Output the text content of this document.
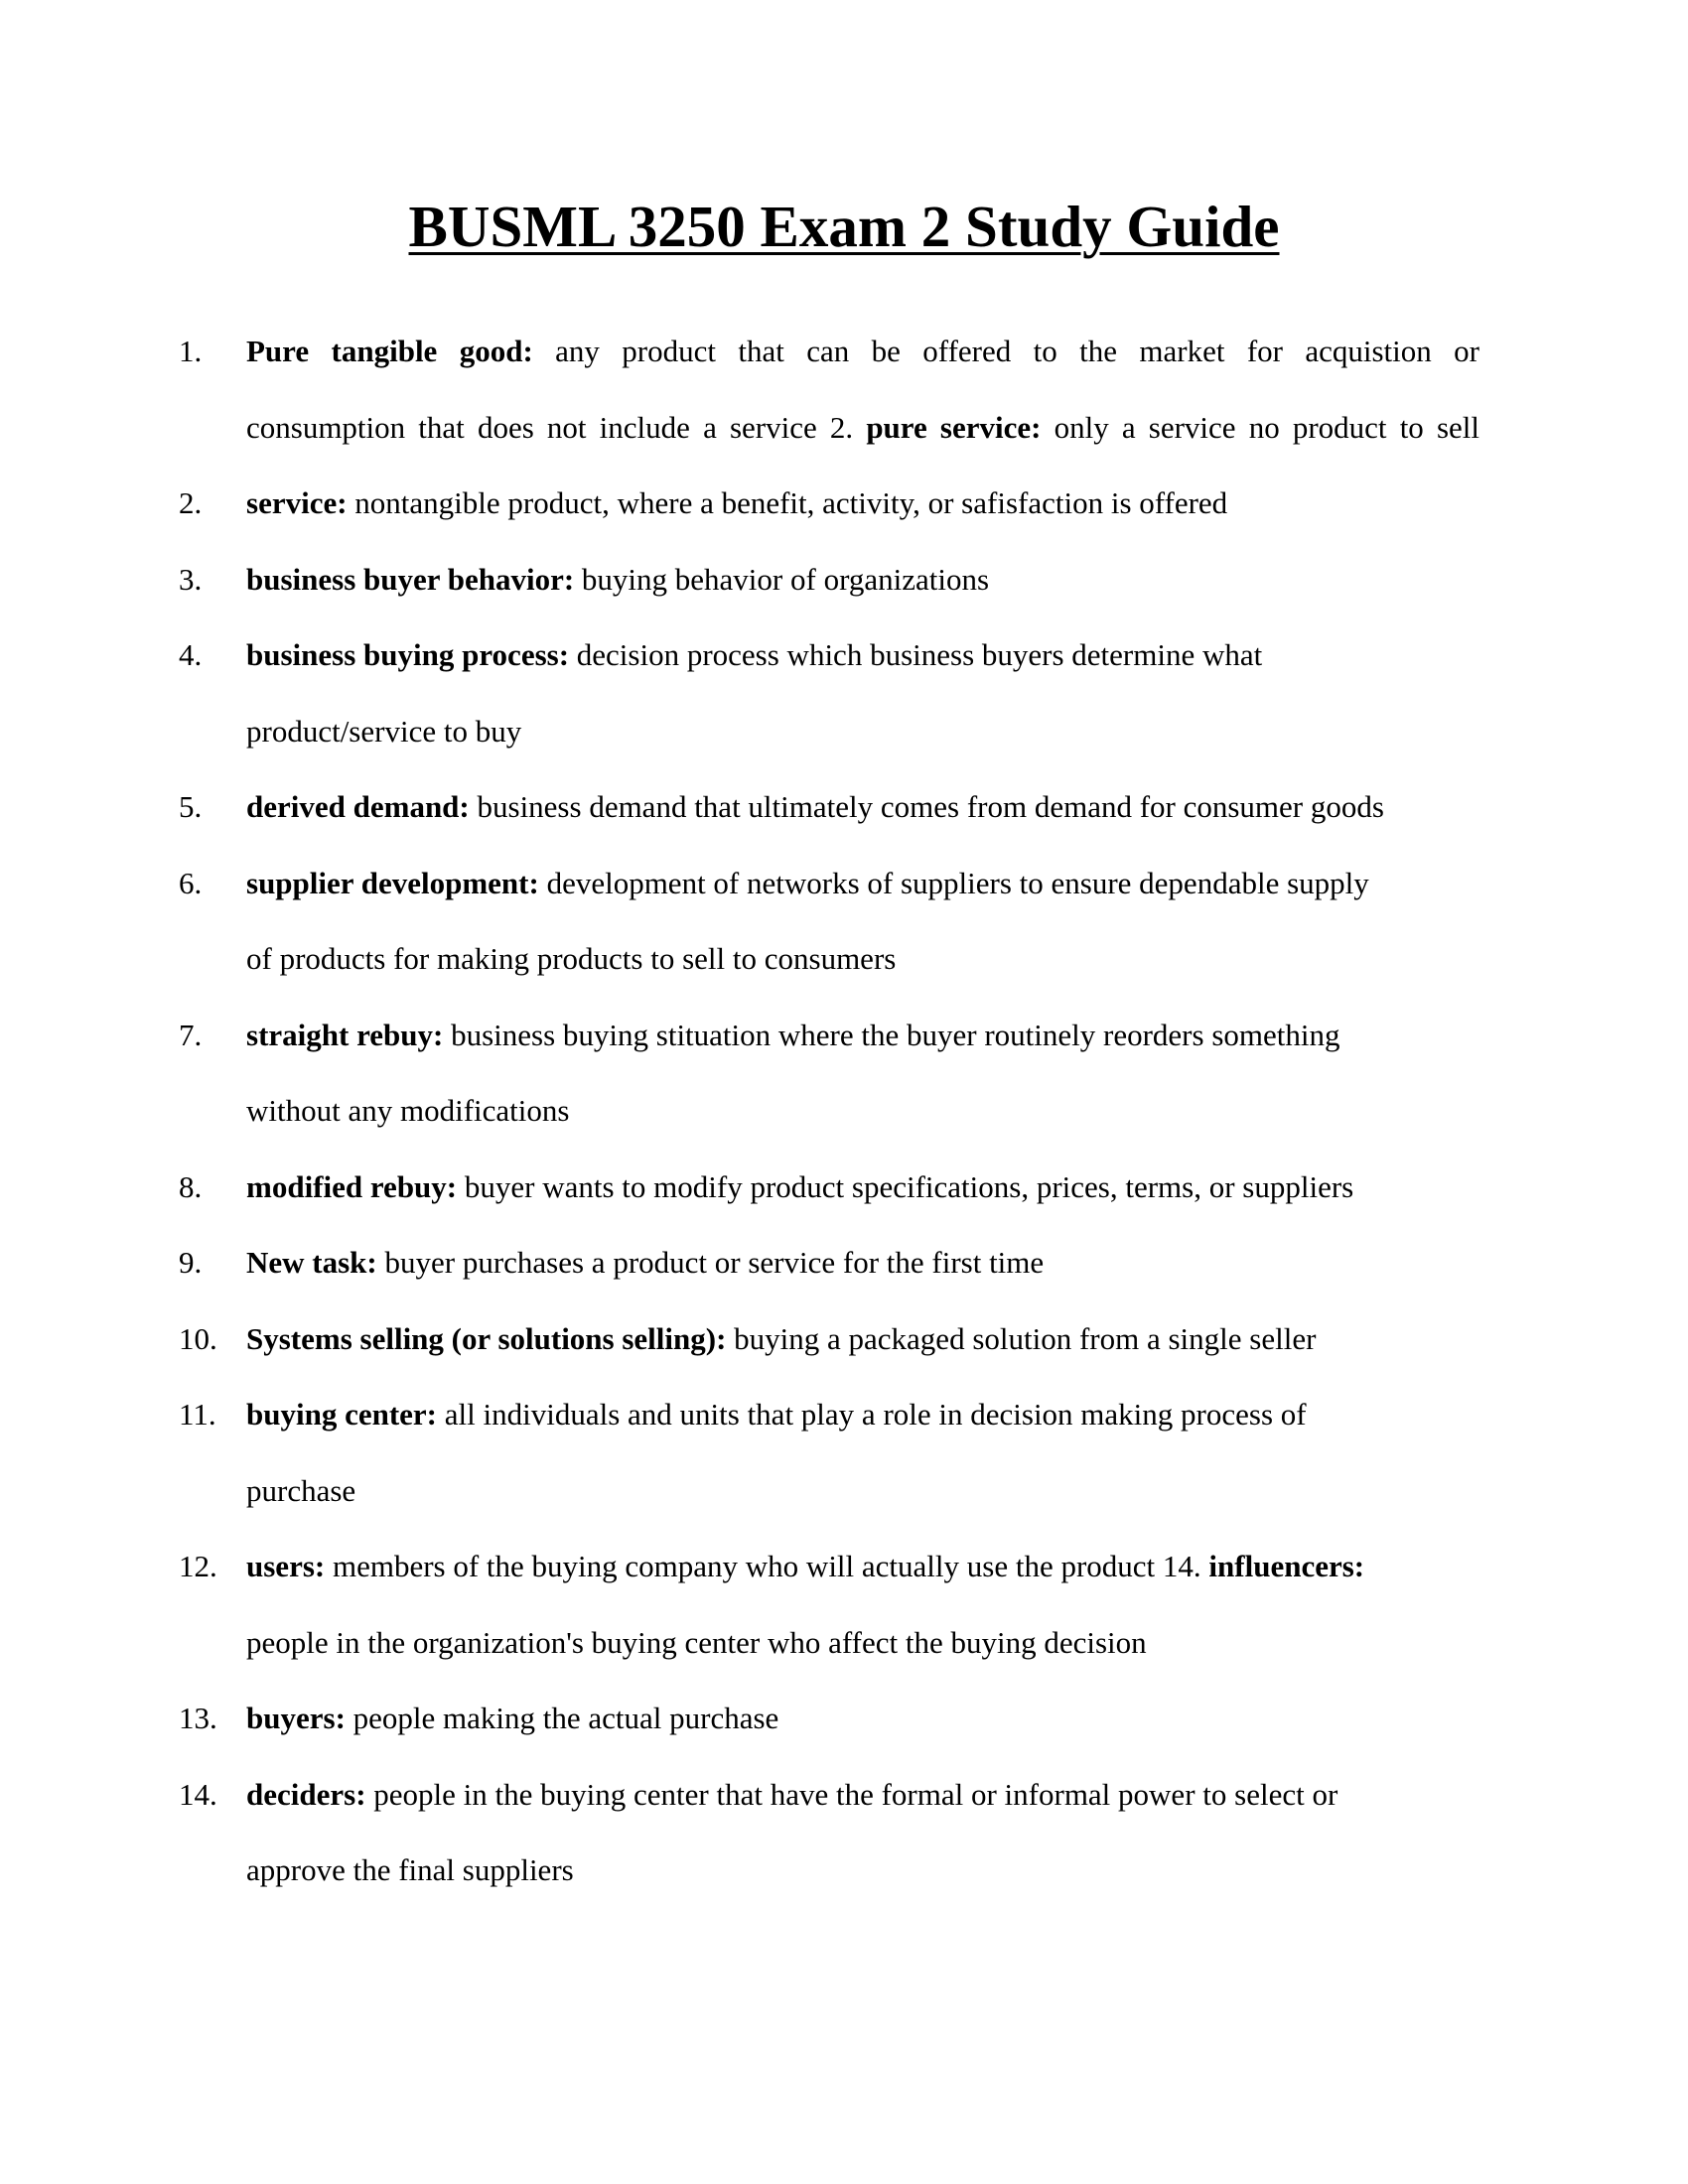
BUSML 3250 Exam 2 Study Guide
1.	Pure tangible good: any product that can be offered to the market for acquistion or
consumption that does not include a service 2. pure service: only a service no product to sell
2.	service: nontangible product, where a benefit, activity, or safisfaction is offered
3.	business buyer behavior: buying behavior of organizations
4.	business buying process: decision process which business buyers determine what
product/service to buy
5.	derived demand: business demand that ultimately comes from demand for consumer goods
6.	supplier development: development of networks of suppliers to ensure dependable supply
of products for making products to sell to consumers
7.	straight rebuy: business buying stituation where the buyer routinely reorders something
without any modifications
8.	modified rebuy: buyer wants to modify product specifications, prices, terms, or suppliers
9.	New task: buyer purchases a product or service for the first time
10. Systems selling (or solutions selling): buying a packaged solution from a single seller
11. buying center: all individuals and units that play a role in decision making process of
purchase
12. users: members of the buying company who will actually use the product 14. influencers:
people in the organization's buying center who affect the buying decision
13. buyers: people making the actual purchase
14. deciders: people in the buying center that have the formal or informal power to select or
approve the final suppliers
